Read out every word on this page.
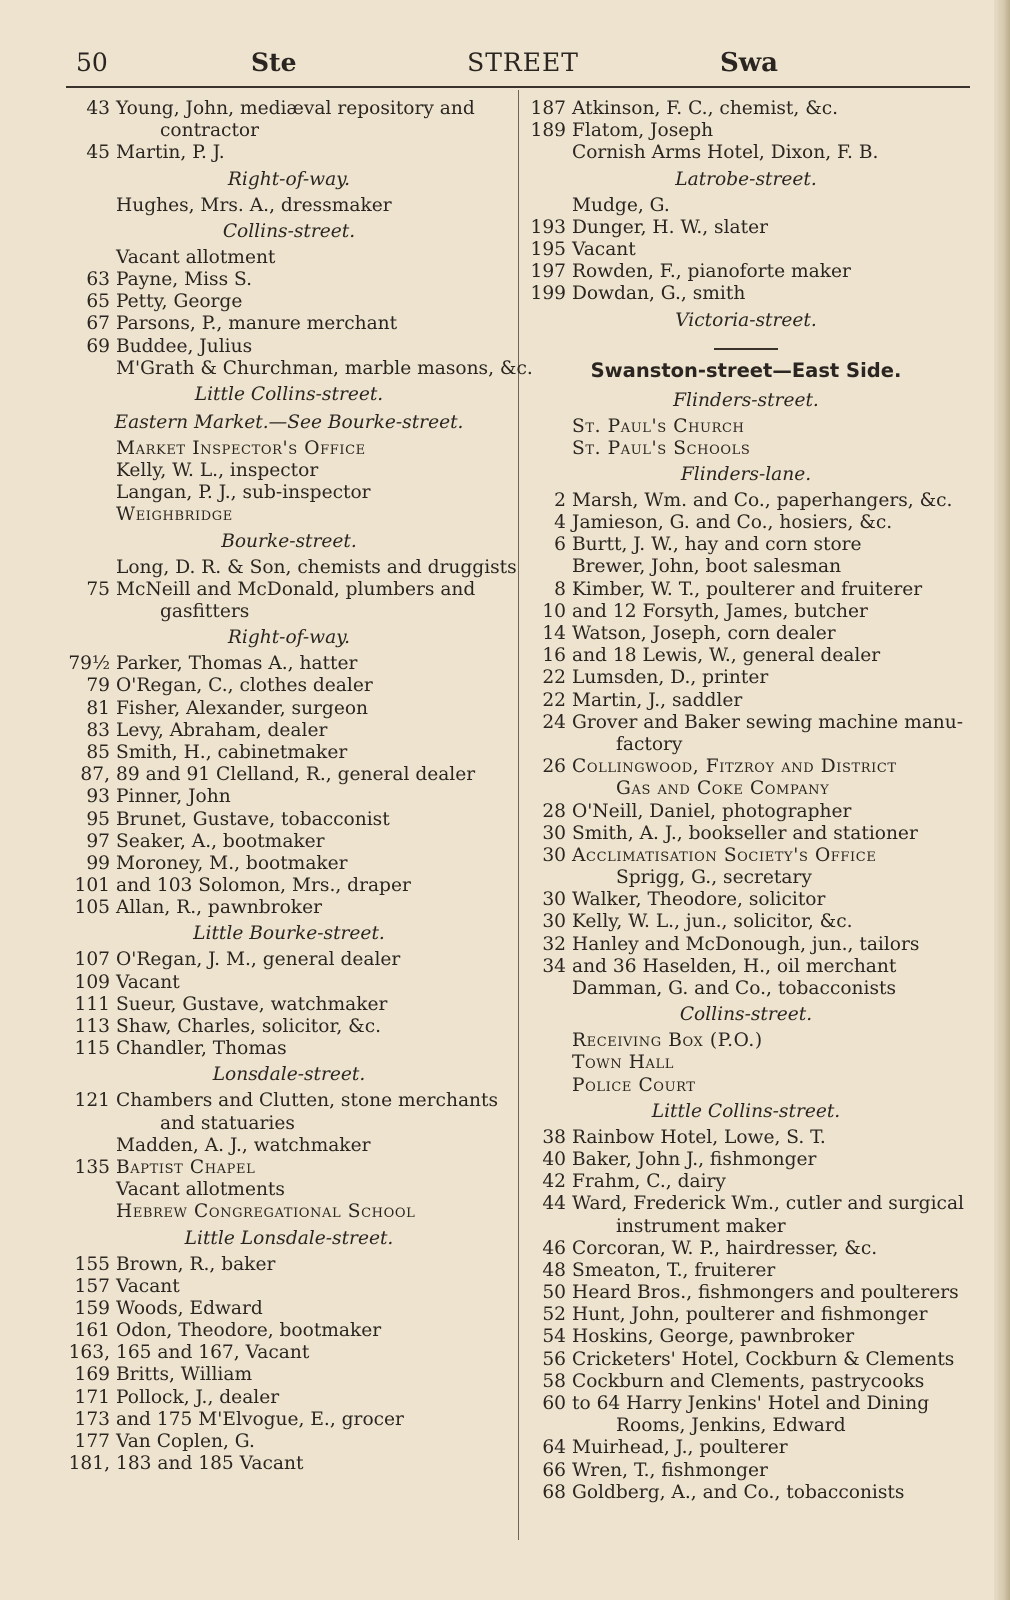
50	Ste	STREET	Swa
43 Young, John, mediæval repository and
contractor
45 Martin, P. J.
Right-of-way.
Hughes, Mrs. A., dressmaker
Collins-street.
Vacant allotment
63 Payne, Miss S.
65 Petty, George
67 Parsons, P., manure merchant
69 Buddee, Julius
M'Grath & Churchman, marble masons, &c.
Little Collins-street.
Eastern Market.—See Bourke-street.
Market Inspector's Office
Kelly, W. L., inspector
Langan, P. J., sub-inspector
Weighbridge
Bourke-street.
Long, D. R. & Son, chemists and druggists
75 McNeill and McDonald, plumbers and
gasfitters
Right-of-way.
79½ Parker, Thomas A., hatter
79 O'Regan, C., clothes dealer
81 Fisher, Alexander, surgeon
83 Levy, Abraham, dealer
85 Smith, H., cabinetmaker
87, 89 and 91 Clelland, R., general dealer
93 Pinner, John
95 Brunet, Gustave, tobacconist
97 Seaker, A., bootmaker
99 Moroney, M., bootmaker
101 and 103 Solomon, Mrs., draper
105 Allan, R., pawnbroker
Little Bourke-street.
107 O'Regan, J. M., general dealer
109 Vacant
111 Sueur, Gustave, watchmaker
113 Shaw, Charles, solicitor, &c.
115 Chandler, Thomas
Lonsdale-street.
121 Chambers and Clutten, stone merchants
and statuaries
Madden, A. J., watchmaker
135 Baptist Chapel
Vacant allotments
Hebrew Congregational School
Little Lonsdale-street.
155 Brown, R., baker
157 Vacant
159 Woods, Edward
161 Odon, Theodore, bootmaker
163, 165 and 167, Vacant
169 Britts, William
171 Pollock, J., dealer
173 and 175 M'Elvogue, E., grocer
177 Van Coplen, G.
181, 183 and 185 Vacant
187 Atkinson, F. C., chemist, &c.
189 Flatom, Joseph
Cornish Arms Hotel, Dixon, F. B.
Latrobe-street.
Mudge, G.
193 Dunger, H. W., slater
195 Vacant
197 Rowden, F., pianoforte maker
199 Dowdan, G., smith
Victoria-street.
Swanston-street—East Side.
Flinders-street.
St. Paul's Church
St. Paul's Schools
Flinders-lane.
2 Marsh, Wm. and Co., paperhangers, &c.
4 Jamieson, G. and Co., hosiers, &c.
6 Burtt, J. W., hay and corn store
Brewer, John, boot salesman
8 Kimber, W. T., poulterer and fruiterer
10 and 12 Forsyth, James, butcher
14 Watson, Joseph, corn dealer
16 and 18 Lewis, W., general dealer
22 Lumsden, D., printer
22 Martin, J., saddler
24 Grover and Baker sewing machine manu-
factory
26 Collingwood, Fitzroy and District
Gas and Coke Company
28 O'Neill, Daniel, photographer
30 Smith, A. J., bookseller and stationer
30 Acclimatisation Society's Office
Sprigg, G., secretary
30 Walker, Theodore, solicitor
30 Kelly, W. L., jun., solicitor, &c.
32 Hanley and McDonough, jun., tailors
34 and 36 Haselden, H., oil merchant
Damman, G. and Co., tobacconists
Collins-street.
Receiving Box (P.O.)
Town Hall
Police Court
Little Collins-street.
38 Rainbow Hotel, Lowe, S. T.
40 Baker, John J., fishmonger
42 Frahm, C., dairy
44 Ward, Frederick Wm., cutler and surgical
instrument maker
46 Corcoran, W. P., hairdresser, &c.
48 Smeaton, T., fruiterer
50 Heard Bros., fishmongers and poulterers
52 Hunt, John, poulterer and fishmonger
54 Hoskins, George, pawnbroker
56 Cricketers' Hotel, Cockburn & Clements
58 Cockburn and Clements, pastrycooks
60 to 64 Harry Jenkins' Hotel and Dining
Rooms, Jenkins, Edward
64 Muirhead, J., poulterer
66 Wren, T., fishmonger
68 Goldberg, A., and Co., tobacconists
